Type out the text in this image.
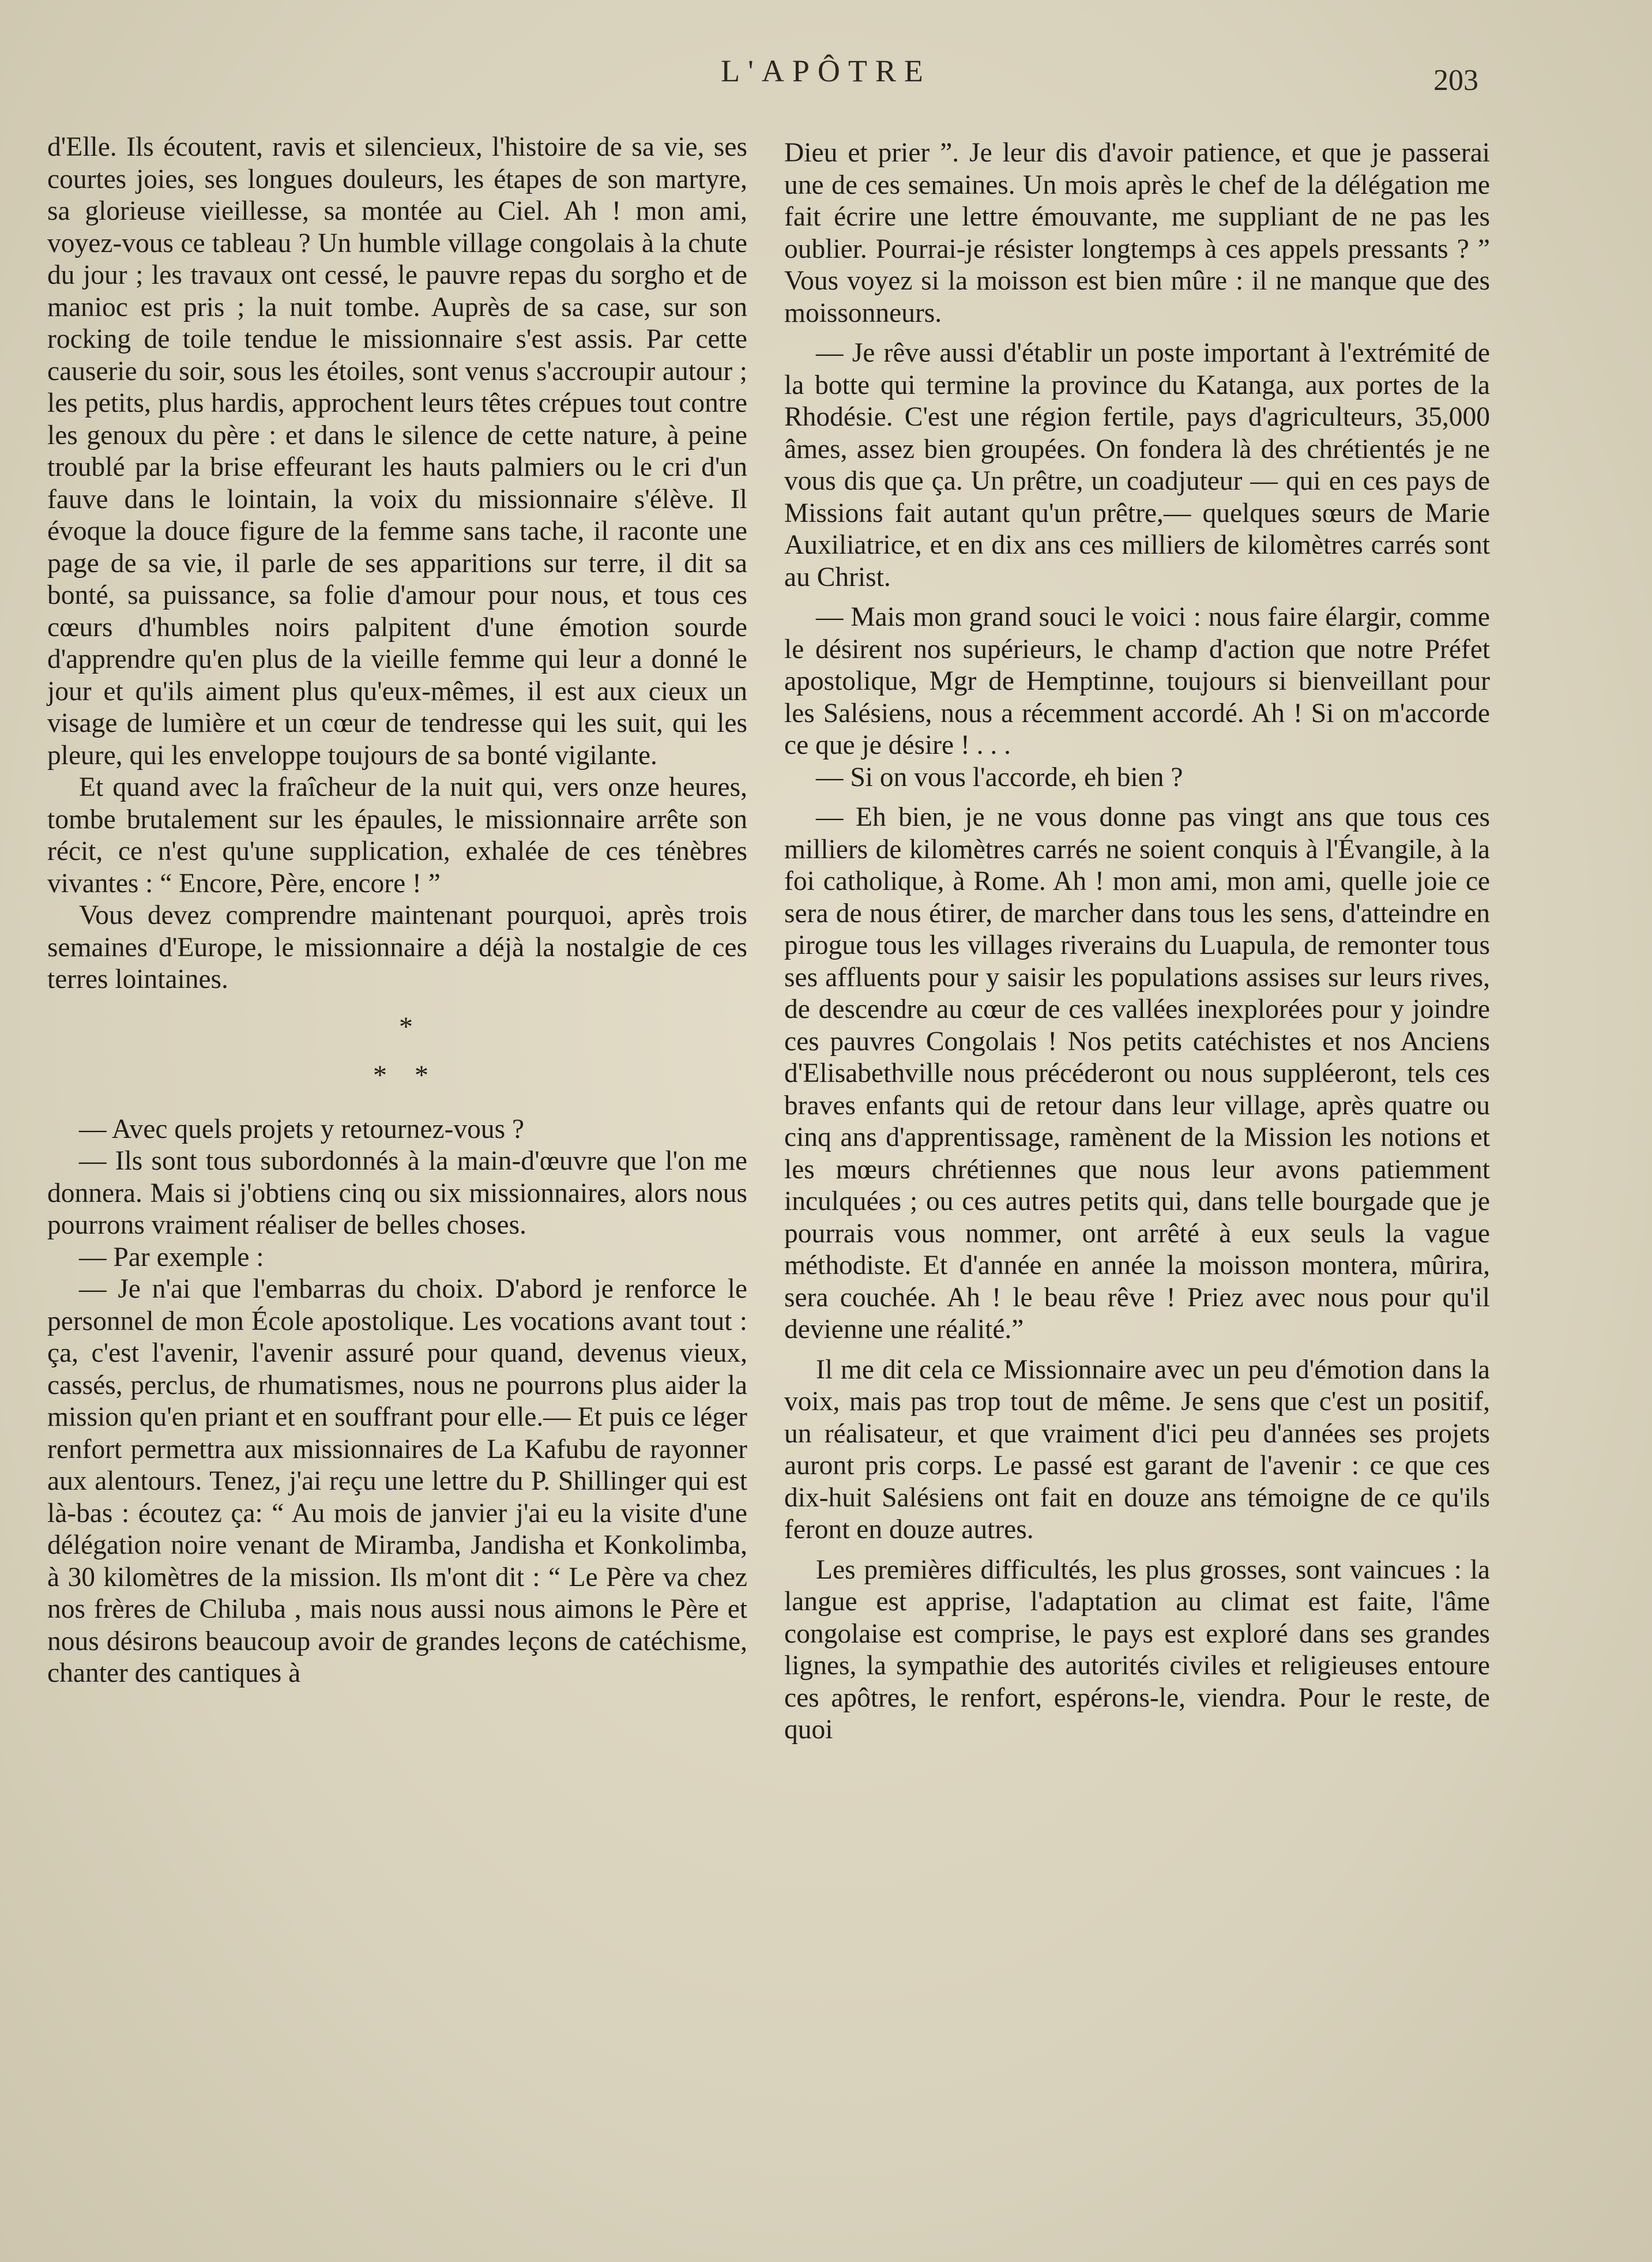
L'APÔTRE	203

d'Elle. Ils écoutent, ravis et silencieux, l'histoire de sa vie, ses courtes joies, ses longues douleurs, les étapes de son martyre, sa glorieuse vieillesse, sa montée au Ciel. Ah ! mon ami, voyez-vous ce tableau ? Un humble village congolais à la chute du jour ; les travaux ont cessé, le pauvre repas du sorgho et de manioc est pris ; la nuit tombe. Auprès de sa case, sur son rocking de toile tendue le missionnaire s'est assis. Par cette causerie du soir, sous les étoiles, sont venus s'accroupir autour ; les petits, plus hardis, approchent leurs têtes crépues tout contre les genoux du père : et dans le silence de cette nature, à peine troublé par la brise effeurant les hauts palmiers ou le cri d'un fauve dans le lointain, la voix du missionnaire s'élève. Il évoque la douce figure de la femme sans tache, il raconte une page de sa vie, il parle de ses apparitions sur terre, il dit sa bonté, sa puissance, sa folie d'amour pour nous, et tous ces cœurs d'humbles noirs palpitent d'une émotion sourde d'apprendre qu'en plus de la vieille femme qui leur a donné le jour et qu'ils aiment plus qu'eux-mêmes, il est aux cieux un visage de lumière et un cœur de tendresse qui les suit, qui les pleure, qui les enveloppe toujours de sa bonté vigilante.

Et quand avec la fraîcheur de la nuit qui, vers onze heures, tombe brutalement sur les épaules, le missionnaire arrête son récit, ce n'est qu'une supplication, exhalée de ces ténèbres vivantes : “ Encore, Père, encore ! ”

Vous devez comprendre maintenant pourquoi, après trois semaines d'Europe, le missionnaire a déjà la nostalgie de ces terres lointaines.

*
* *

— Avec quels projets y retournez-vous ?

— Ils sont tous subordonnés à la main-d'œuvre que l'on me donnera. Mais si j'obtiens cinq ou six missionnaires, alors nous pourrons vraiment réaliser de belles choses.

— Par exemple :

— Je n'ai que l'embarras du choix. D'abord je renforce le personnel de mon École apostolique. Les vocations avant tout : ça, c'est l'avenir, l'avenir assuré pour quand, devenus vieux, cassés, perclus, de rhumatismes, nous ne pourrons plus aider la mission qu'en priant et en souffrant pour elle.— Et puis ce léger renfort permettra aux missionnaires de La Kafubu de rayonner aux alentours. Tenez, j'ai reçu une lettre du P. Shillinger qui est là-bas : écoutez ça: “ Au mois de janvier j'ai eu la visite d'une délégation noire venant de Miramba, Jandisha et Konkolimba, à 30 kilomètres de la mission. Ils m'ont dit : “ Le Père va chez nos frères de Chiluba , mais nous aussi nous aimons le Père et nous désirons beaucoup avoir de grandes leçons de catéchisme, chanter des cantiques à

Dieu et prier ”. Je leur dis d'avoir patience, et que je passerai une de ces semaines. Un mois après le chef de la délégation me fait écrire une lettre émouvante, me suppliant de ne pas les oublier. Pourrai-je résister longtemps à ces appels pressants ? ” Vous voyez si la moisson est bien mûre : il ne manque que des moissonneurs.

— Je rêve aussi d'établir un poste important à l'extrémité de la botte qui termine la province du Katanga, aux portes de la Rhodésie. C'est une région fertile, pays d'agriculteurs, 35,000 âmes, assez bien groupées. On fondera là des chrétientés je ne vous dis que ça. Un prêtre, un coadjuteur — qui en ces pays de Missions fait autant qu'un prêtre,— quelques sœurs de Marie Auxiliatrice, et en dix ans ces milliers de kilomètres carrés sont au Christ.

— Mais mon grand souci le voici : nous faire élargir, comme le désirent nos supérieurs, le champ d'action que notre Préfet apostolique, Mgr de Hemptinne, toujours si bienveillant pour les Salésiens, nous a récemment accordé. Ah ! Si on m'accorde ce que je désire ! . . .

— Si on vous l'accorde, eh bien ?

— Eh bien, je ne vous donne pas vingt ans que tous ces milliers de kilomètres carrés ne soient conquis à l'Évangile, à la foi catholique, à Rome. Ah ! mon ami, mon ami, quelle joie ce sera de nous étirer, de marcher dans tous les sens, d'atteindre en pirogue tous les villages riverains du Luapula, de remonter tous ses affluents pour y saisir les populations assises sur leurs rives, de descendre au cœur de ces vallées inexplorées pour y joindre ces pauvres Congolais ! Nos petits catéchistes et nos Anciens d'Elisabethville nous précéderont ou nous suppléeront, tels ces braves enfants qui de retour dans leur village, après quatre ou cinq ans d'apprentissage, ramènent de la Mission les notions et les mœurs chrétiennes que nous leur avons patiemment inculquées ; ou ces autres petits qui, dans telle bourgade que je pourrais vous nommer, ont arrêté à eux seuls la vague méthodiste. Et d'année en année la moisson montera, mûrira, sera couchée. Ah ! le beau rêve ! Priez avec nous pour qu'il devienne une réalité.”

Il me dit cela ce Missionnaire avec un peu d'émotion dans la voix, mais pas trop tout de même. Je sens que c'est un positif, un réalisateur, et que vraiment d'ici peu d'années ses projets auront pris corps. Le passé est garant de l'avenir : ce que ces dix-huit Salésiens ont fait en douze ans témoigne de ce qu'ils feront en douze autres.

Les premières difficultés, les plus grosses, sont vaincues : la langue est apprise, l'adaptation au climat est faite, l'âme congolaise est comprise, le pays est exploré dans ses grandes lignes, la sympathie des autorités civiles et religieuses entoure ces apôtres, le renfort, espérons-le, viendra. Pour le reste, de quoi
